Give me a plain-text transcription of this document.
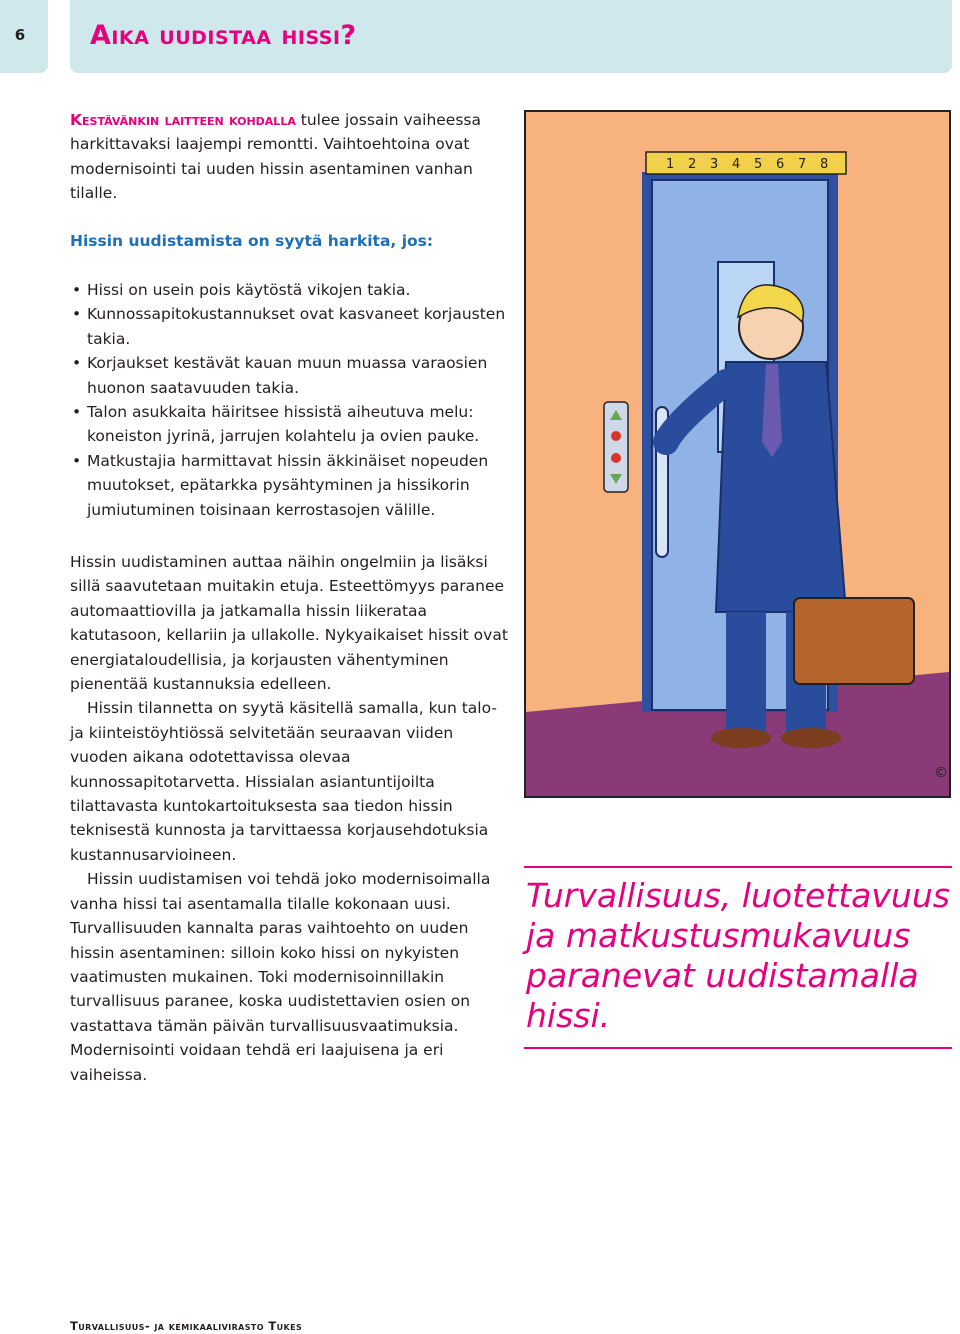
6	Aika uudistaa hissi?
Kestävänkin laitteen kohdalla tulee jossain vaiheessa harkittavaksi laajempi remontti. Vaihtoehtoina ovat modernisointi tai uuden hissin asentaminen vanhan tilalle.
Hissin uudistamista on syytä harkita, jos:
• Hissi on usein pois käytöstä vikojen takia.
• Kunnossapitokustannukset ovat kasvaneet korjausten takia.
• Korjaukset kestävät kauan muun muassa varaosien huonon saatavuuden takia.
• Talon asukkaita häiritsee hissistä aiheutuva melu: koneiston jyrinä, jarrujen kolahtelu ja ovien pauke.
• Matkustajia harmittavat hissin äkkinäiset nopeuden muutokset, epätarkka pysähtyminen ja hissikorin jumiutuminen toisinaan kerrostasojen välille.

Hissin uudistaminen auttaa näihin ongelmiin ja lisäksi sillä saavutetaan muitakin etuja. Esteettömyys paranee automaattiovilla ja jatkamalla hissin liikerataa katutasoon, kellariin ja ullakolle. Nykyaikaiset hissit ovat energiataloudellisia, ja korjausten vähentyminen pienentää kustannuksia edelleen.

Hissin tilannetta on syytä käsitellä samalla, kun talo- ja kiinteistöyhtiössä selvitetään seuraavan viiden vuoden aikana odotettavissa olevaa kunnossapitotarvetta. Hissialan asiantuntijoilta tilattavasta kuntokartoituksesta saa tiedon hissin teknisestä kunnosta ja tarvittaessa korjausehdotuksia kustannusarvioineen.

Hissin uudistamisen voi tehdä joko modernisoimalla vanha hissi tai asentamalla tilalle kokonaan uusi. Turvallisuuden kannalta paras vaihtoehto on uuden hissin asentaminen: silloin koko hissi on nykyisten vaatimusten mukainen. Toki modernisoinnillakin turvallisuus paranee, koska uudistettavien osien on vastattava tämän päivän turvallisuusvaatimuksia. Modernisointi voidaan tehdä eri laajuisena ja eri vaiheissa.

1 2 3 4 5 6 7 8
©
Turvallisuus, luotettavuus ja matkustusmukavuus paranevat uudistamalla hissi.
Turvallisuus- ja kemikaalivirasto Tukes
